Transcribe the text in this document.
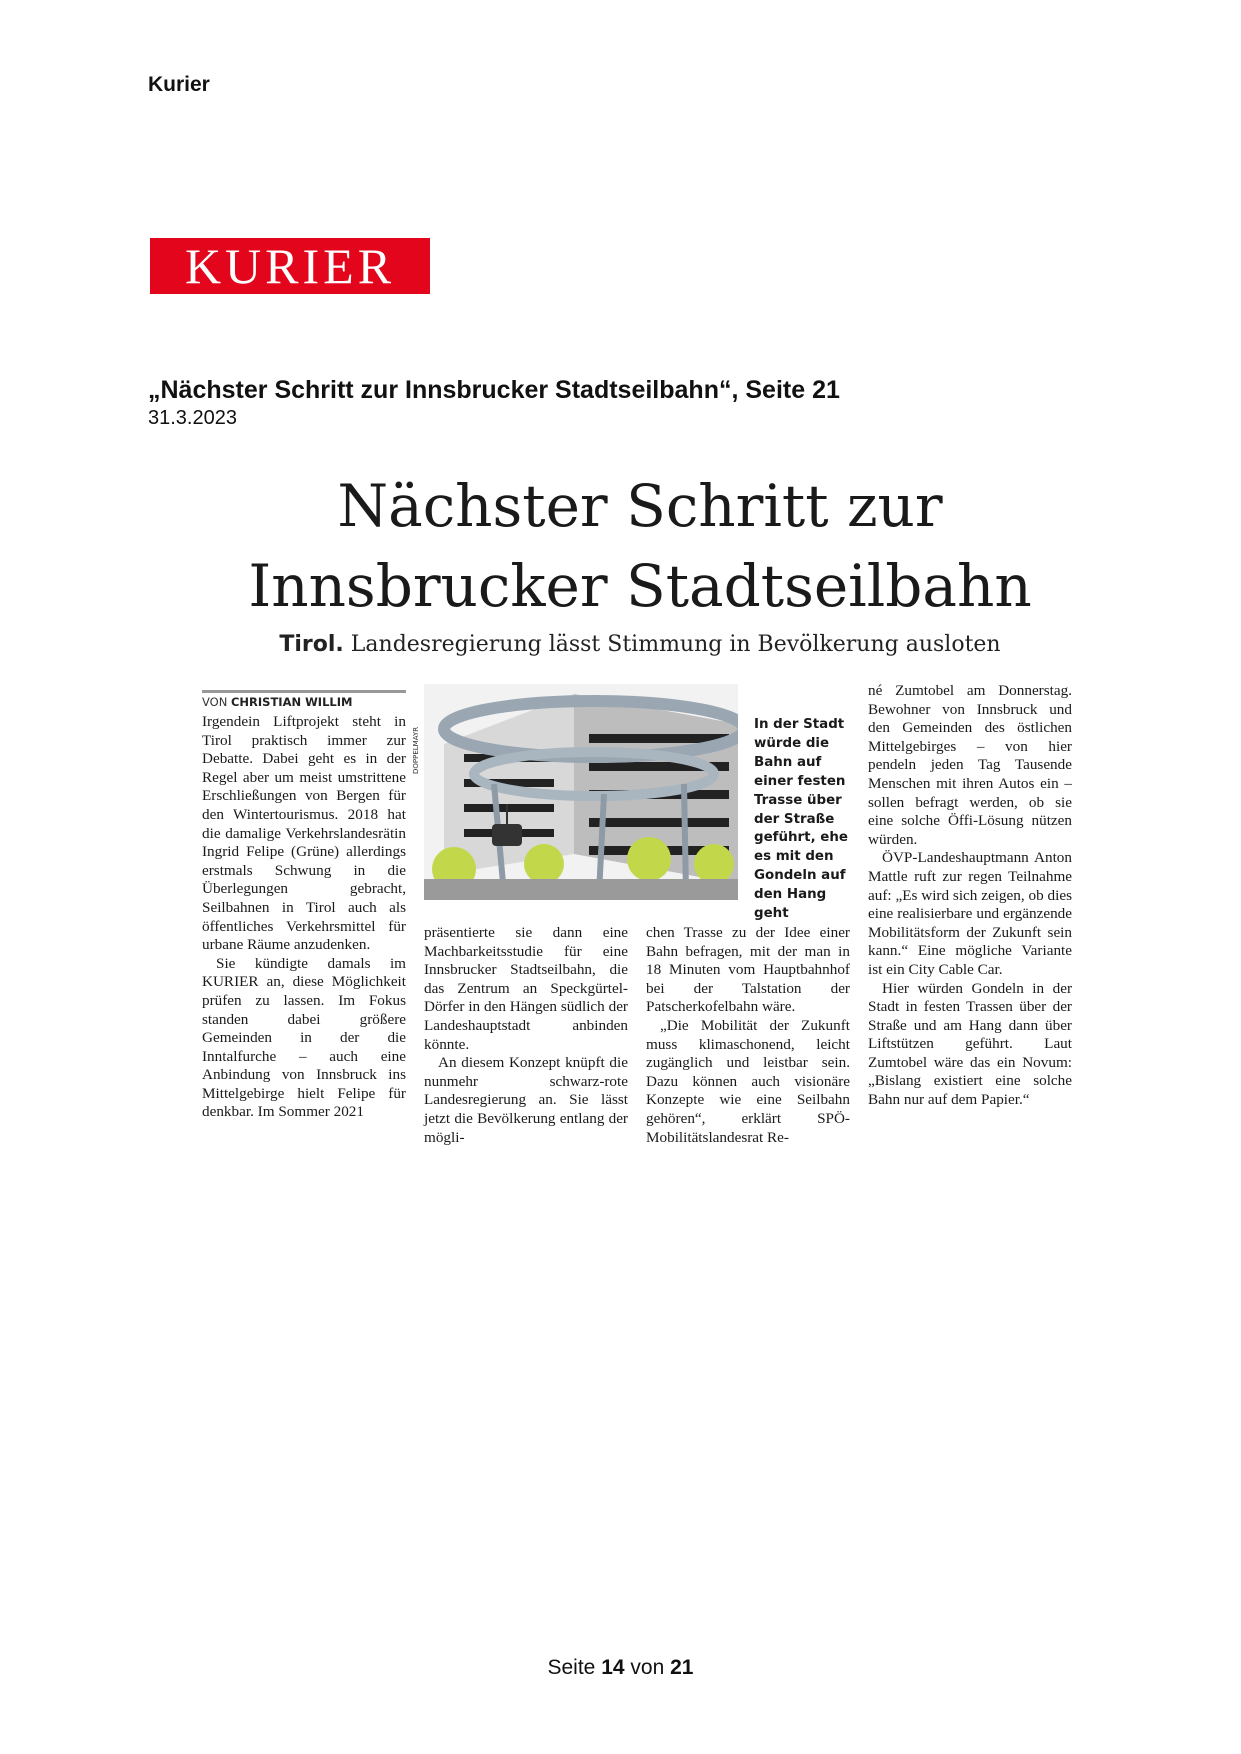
Kurier
KURIER
„Nächster Schritt zur Innsbrucker Stadtseilbahn“, Seite 21
31.3.2023
Nächster Schritt zur
Innsbrucker Stadtseilbahn
Tirol. Landesregierung lässt Stimmung in Bevölkerung ausloten
VON CHRISTIAN WILLIM

Irgendein Liftprojekt steht in Tirol praktisch immer zur Debatte. Dabei geht es in der Regel aber um meist umstrittene Erschließungen von Bergen für den Wintertourismus. 2018 hat die damalige Verkehrslandesrätin Ingrid Felipe (Grüne) allerdings erstmals Schwung in die Überlegungen gebracht, Seilbahnen in Tirol auch als öffentliches Verkehrsmittel für urbane Räume anzudenken.

Sie kündigte damals im KURIER an, diese Möglichkeit prüfen zu lassen. Im Fokus standen dabei größere Gemeinden in der die Inntalfurche – auch eine Anbindung von Innsbruck ins Mittelgebirge hielt Felipe für denkbar. Im Sommer 2021

DOPPELMAYR
In der Stadt würde die Bahn auf einer festen Trasse über der Straße geführt, ehe es mit den Gondeln auf den Hang geht

präsentierte sie dann eine Machbarkeitsstudie für eine Innsbrucker Stadtseilbahn, die das Zentrum an Speckgürtel-Dörfer in den Hängen südlich der Landeshauptstadt anbinden könnte.

An diesem Konzept knüpft die nunmehr schwarz-rote Landesregierung an. Sie lässt jetzt die Bevölkerung entlang der mögli-

chen Trasse zu der Idee einer Bahn befragen, mit der man in 18 Minuten vom Hauptbahnhof bei der Talstation der Patscherkofelbahn wäre.

„Die Mobilität der Zukunft muss klimaschonend, leicht zugänglich und leistbar sein. Dazu können auch visionäre Konzepte wie eine Seilbahn gehören“, erklärt SPÖ-Mobilitätslandesrat Re-

né Zumtobel am Donnerstag. Bewohner von Innsbruck und den Gemeinden des östlichen Mittelgebirges – von hier pendeln jeden Tag Tausende Menschen mit ihren Autos ein – sollen befragt werden, ob sie eine solche Öffi-Lösung nützen würden.

ÖVP-Landeshauptmann Anton Mattle ruft zur regen Teilnahme auf: „Es wird sich zeigen, ob dies eine realisierbare und ergänzende Mobilitätsform der Zukunft sein kann.“ Eine mögliche Variante ist ein City Cable Car.

Hier würden Gondeln in der Stadt in festen Trassen über der Straße und am Hang dann über Liftstützen geführt. Laut Zumtobel wäre das ein Novum: „Bislang existiert eine solche Bahn nur auf dem Papier.“

Seite 14 von 21
